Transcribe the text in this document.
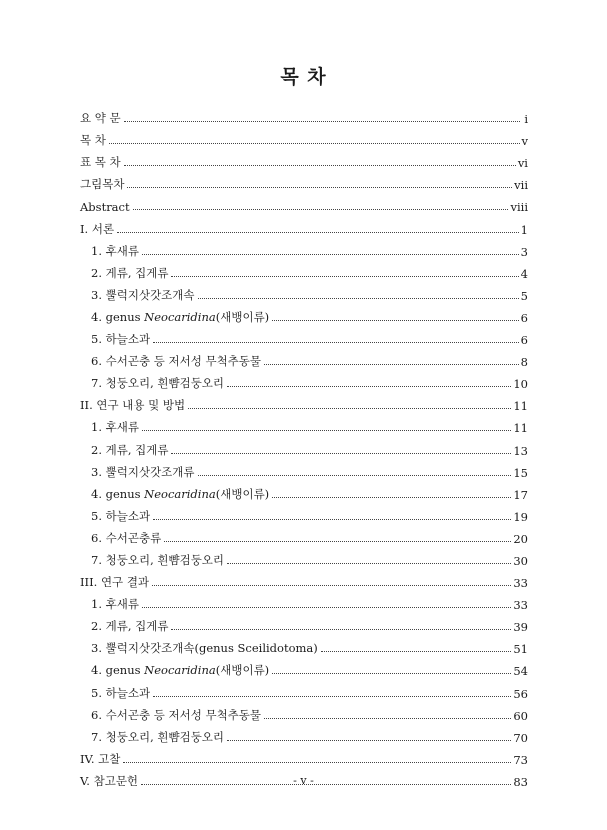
목 차
요 약 문	i
목 차	v
표 목 차	vi
그림목차	vii
Abstract	viii
I. 서론	1
1. 후새류	3
2. 게류, 집게류	4
3. 뿔럭지삿갓조개속	5
4. genus Neocaridina(새뱅이류)	6
5. 하늘소과	6
6. 수서곤충 등 저서성 무척추동물	8
7. 청둥오리, 흰뺨검둥오리	10
II. 연구 내용 및 방법	11
1. 후새류	11
2. 게류, 집게류	13
3. 뿔럭지삿갓조개류	15
4. genus Neocaridina(새뱅이류)	17
5. 하늘소과	19
6. 수서곤충류	20
7. 청둥오리, 흰뺨검둥오리	30
III. 연구 결과	33
1. 후새류	33
2. 게류, 집게류	39
3. 뿔럭지삿갓조개속(genus Sceilidotoma)	51
4. genus Neocaridina(새뱅이류)	54
5. 하늘소과	56
6. 수서곤충 등 저서성 무척추동물	60
7. 청둥오리, 흰뺨검둥오리	70
IV. 고찰	73
V. 참고문헌	83
- v -
